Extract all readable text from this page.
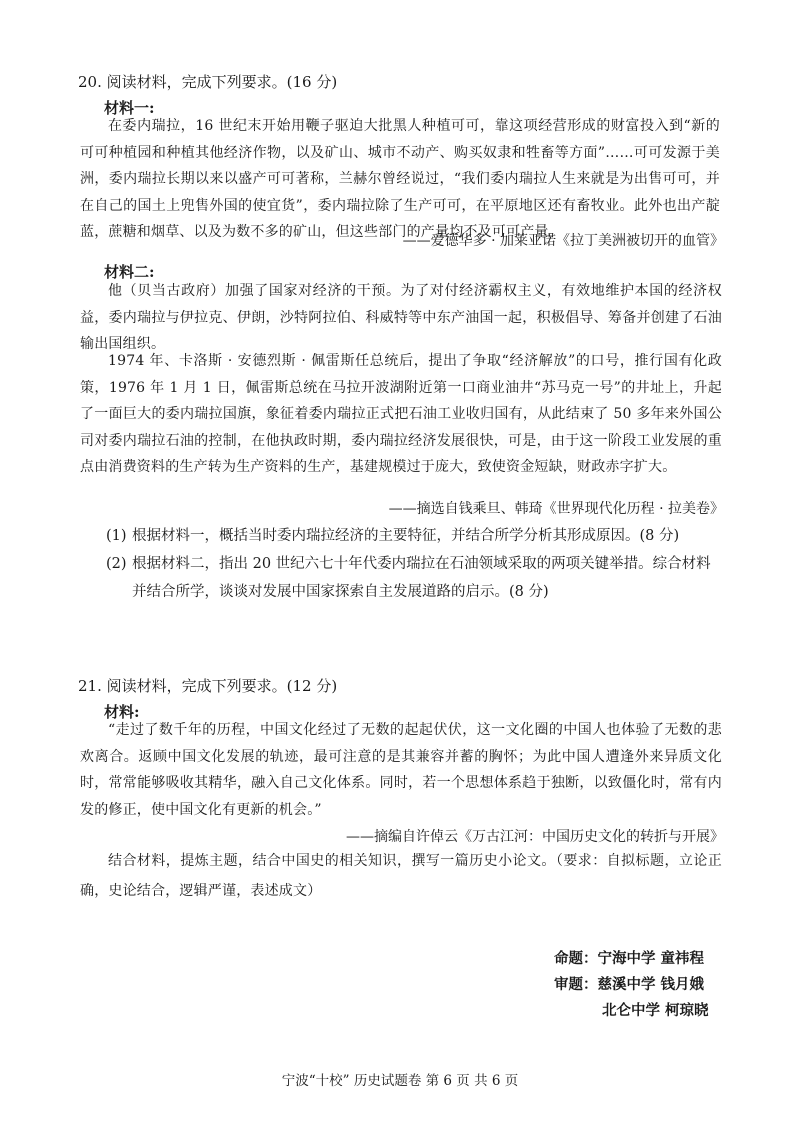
20. 阅读材料，完成下列要求。(16 分)
材料一:
在委内瑞拉，16 世纪末开始用鞭子驱迫大批黑人种植可可，靠这项经营形成的财富投入到“新的可可种植园和种植其他经济作物，以及矿山、城市不动产、购买奴隶和牲畜等方面”……可可发源于美洲，委内瑞拉长期以来以盛产可可著称，兰赫尔曾经说过，“我们委内瑞拉人生来就是为出售可可，并在自己的国土上兜售外国的使宜货”，委内瑞拉除了生产可可，在平原地区还有畜牧业。此外也出产靛蓝，蔗糖和烟草、以及为数不多的矿山，但这些部门的产量均不及可可产量。
——爱德华多 · 加莱亚诺《拉丁美洲被切开的血管》
材料二:
他（贝当古政府）加强了国家对经济的干预。为了对付经济霸权主义，有效地维护本国的经济权益，委内瑞拉与伊拉克、伊朗，沙特阿拉伯、科威特等中东产油国一起，积极倡导、筹备并创建了石油输出国组织。
1974 年、卡洛斯 · 安德烈斯 · 佩雷斯任总统后，提出了争取“经济解放”的口号，推行国有化政策，1976 年 1 月 1 日，佩雷斯总统在马拉开波湖附近第一口商业油井“苏马克一号”的井址上，升起了一面巨大的委内瑞拉国旗，象征着委内瑞拉正式把石油工业收归国有，从此结束了 50 多年来外国公司对委内瑞拉石油的控制，在他执政时期，委内瑞拉经济发展很快，可是，由于这一阶段工业发展的重点由消费资料的生产转为生产资料的生产，基建规模过于庞大，致使资金短缺，财政赤字扩大。
——摘选自钱乘旦、韩琦《世界现代化历程 · 拉美卷》
(1) 根据材料一，概括当时委内瑞拉经济的主要特征，并结合所学分析其形成原因。(8 分)
(2) 根据材料二，指出 20 世纪六七十年代委内瑞拉在石油领域采取的两项关键举措。综合材料
并结合所学，谈谈对发展中国家探索自主发展道路的启示。(8 分)
21. 阅读材料，完成下列要求。(12 分)
材料:
“走过了数千年的历程，中国文化经过了无数的起起伏伏，这一文化圈的中国人也体验了无数的悲欢离合。返顾中国文化发展的轨迹，最可注意的是其兼容并蓄的胸怀；为此中国人遭逢外来异质文化时，常常能够吸收其精华，融入自己文化体系。同时，若一个思想体系趋于独断，以致僵化时，常有内发的修正，使中国文化有更新的机会。”
——摘编自许倬云《万古江河：中国历史文化的转折与开展》
结合材料，提炼主题，结合中国史的相关知识，撰写一篇历史小论文。（要求：自拟标题，立论正确，史论结合，逻辑严谨，表述成文）
命题：宁海中学 童祎程
审题：慈溪中学 钱月娥
北仑中学 柯琼晓
宁波“十校” 历史试题卷 第 6 页 共 6 页
